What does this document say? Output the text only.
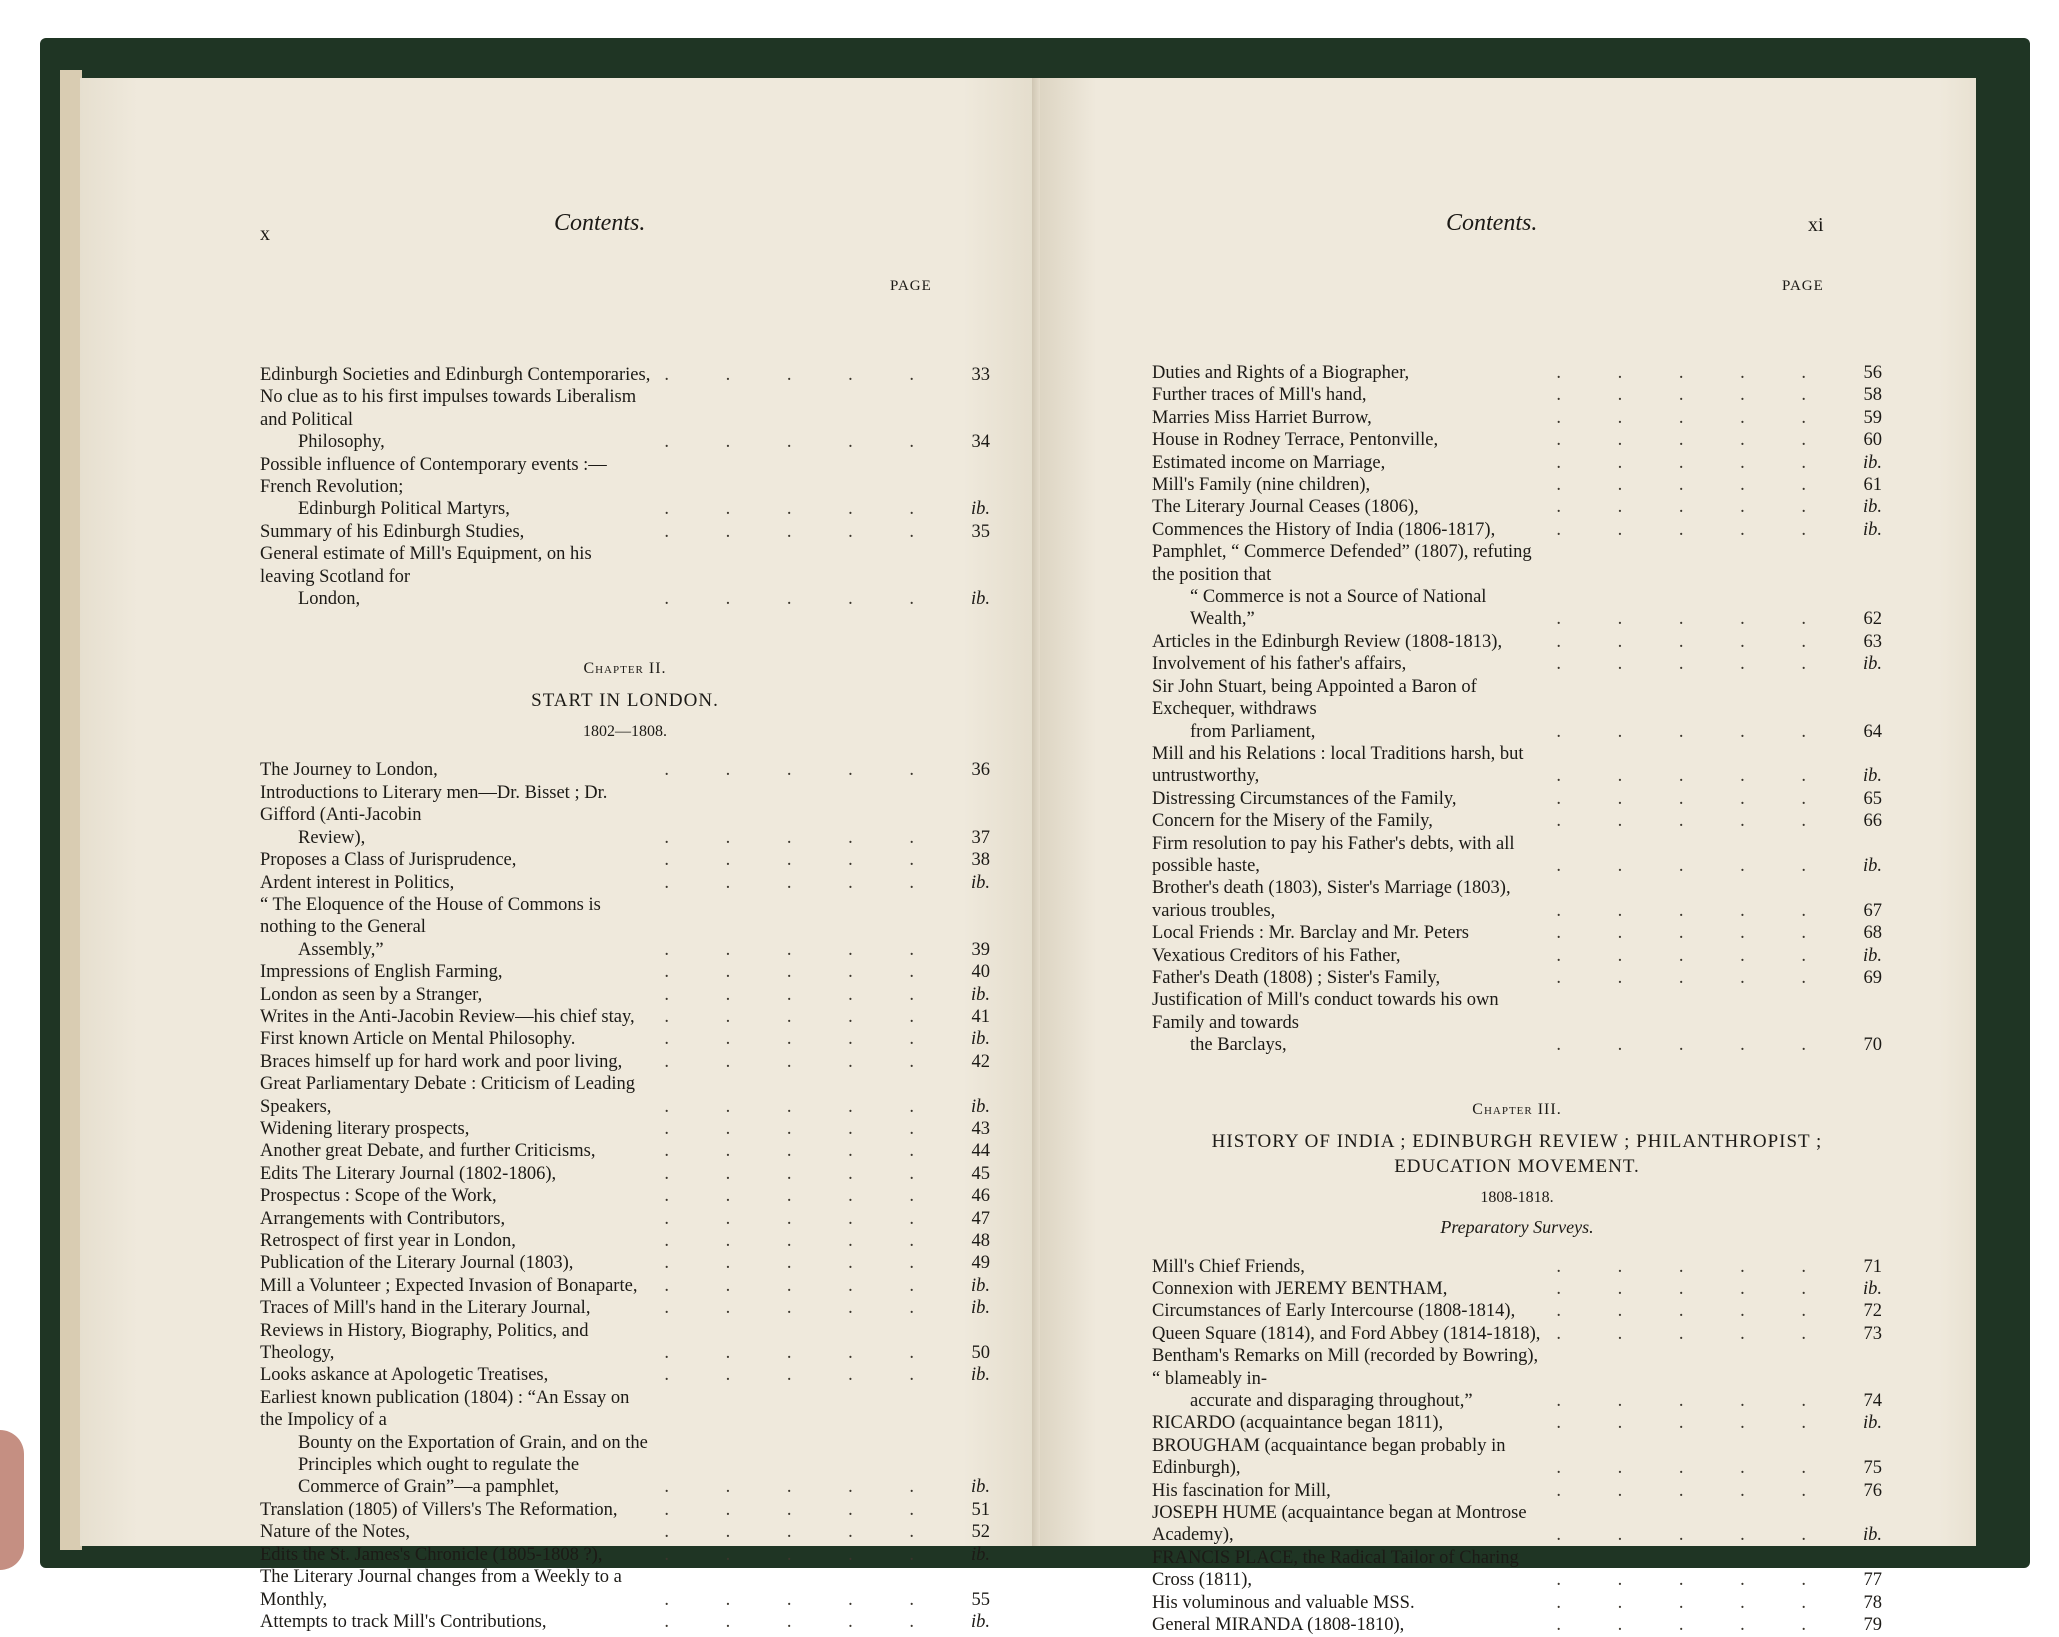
x	Contents.
PAGE
Edinburgh Societies and Edinburgh Contemporaries, . . . . .	33
No clue as to his first impulses towards Liberalism and Political
Philosophy,	. . . . .	34
Possible influence of Contemporary events :—French Revolution;
Edinburgh Political Martyrs,	. . . . .	ib.
Summary of his Edinburgh Studies,	. . . . .	35
General estimate of Mill's Equipment, on his leaving Scotland for
London,	. . . . .	ib.
Chapter II.
START IN LONDON.
1802—1808.
The Journey to London,	. . . . .	36
Introductions to Literary men—Dr. Bisset ; Dr. Gifford (Anti-Jacobin
Review),	. . . . .	37
Proposes a Class of Jurisprudence,	. . . . .	38
Ardent interest in Politics,	. . . . .	ib.
“ The Eloquence of the House of Commons is nothing to the General
Assembly,”	. . . . .	39
Impressions of English Farming,	. . . . .	40
London as seen by a Stranger,	. . . . .	ib.
Writes in the Anti-Jacobin Review—his chief stay,	. . . . .	41
First known Article on Mental Philosophy.	. . . . .	ib.
Braces himself up for hard work and poor living,	. . . . .	42
Great Parliamentary Debate : Criticism of Leading Speakers,	. . . . .	ib.
Widening literary prospects,	. . . . .	43
Another great Debate, and further Criticisms,	. . . . .	44
Edits The Literary Journal (1802-1806),	. . . . .	45
Prospectus : Scope of the Work,	. . . . .	46
Arrangements with Contributors,	. . . . .	47
Retrospect of first year in London,	. . . . .	48
Publication of the Literary Journal (1803),	. . . . .	49
Mill a Volunteer ; Expected Invasion of Bonaparte,	. . . . .	ib.
Traces of Mill's hand in the Literary Journal,	. . . . .	ib.
Reviews in History, Biography, Politics, and Theology,	. . . . .	50
Looks askance at Apologetic Treatises,	. . . . .	ib.
Earliest known publication (1804) : “An Essay on the Impolicy of a
Bounty on the Exportation of Grain, and on the Principles which ought to regulate the Commerce of Grain”—a pamphlet,	. . . . .	ib.
Translation (1805) of Villers's The Reformation,	. . . . .	51
Nature of the Notes,	. . . . .	52
Edits the St. James's Chronicle (1805-1808 ?),	. . . . .	ib.
The Literary Journal changes from a Weekly to a Monthly,	. . . . .	55
Attempts to track Mill's Contributions,	. . . . .	ib.
Contents.	xi
PAGE
Duties and Rights of a Biographer,	. . . . .	56
Further traces of Mill's hand,	. . . . .	58
Marries Miss Harriet Burrow,	. . . . .	59
House in Rodney Terrace, Pentonville,	. . . . .	60
Estimated income on Marriage,	. . . . .	ib.
Mill's Family (nine children),	. . . . .	61
The Literary Journal Ceases (1806),	. . . . .	ib.
Commences the History of India (1806-1817),	. . . . .	ib.
Pamphlet, “ Commerce Defended” (1807), refuting the position that
“ Commerce is not a Source of National Wealth,”	. . . . .	62
Articles in the Edinburgh Review (1808-1813),	. . . . .	63
Involvement of his father's affairs,	. . . . .	ib.
Sir John Stuart, being Appointed a Baron of Exchequer, withdraws
from Parliament,	. . . . .	64
Mill and his Relations : local Traditions harsh, but untrustworthy,	. . . . .	ib.
Distressing Circumstances of the Family,	. . . . .	65
Concern for the Misery of the Family,	. . . . .	66
Firm resolution to pay his Father's debts, with all possible haste,	. . . . .	ib.
Brother's death (1803), Sister's Marriage (1803), various troubles,	. . . . .	67
Local Friends : Mr. Barclay and Mr. Peters	. . . . .	68
Vexatious Creditors of his Father,	. . . . .	ib.
Father's Death (1808) ; Sister's Family,	. . . . .	69
Justification of Mill's conduct towards his own Family and towards
the Barclays,	. . . . .	70
Chapter III.
HISTORY OF INDIA ; EDINBURGH REVIEW ; PHILANTHROPIST ; EDUCATION MOVEMENT.
1808-1818.
Preparatory Surveys.
Mill's Chief Friends,	. . . . .	71
Connexion with JEREMY BENTHAM,	. . . . .	ib.
Circumstances of Early Intercourse (1808-1814),	. . . . .	72
Queen Square (1814), and Ford Abbey (1814-1818), . . . . .	73
Bentham's Remarks on Mill (recorded by Bowring), “ blameably in-
accurate and disparaging throughout,”	. . . . .	74
RICARDO (acquaintance began 1811),	. . . . .	ib.
BROUGHAM (acquaintance began probably in Edinburgh),	. . . . .	75
His fascination for Mill,	. . . . .	76
JOSEPH HUME (acquaintance began at Montrose Academy),	. . . . .	ib.
FRANCIS PLACE, the Radical Tailor of Charing Cross (1811),	. . . . .	77
His voluminous and valuable MSS.	. . . . .	78
General MIRANDA (1808-1810),	. . . . .	79
